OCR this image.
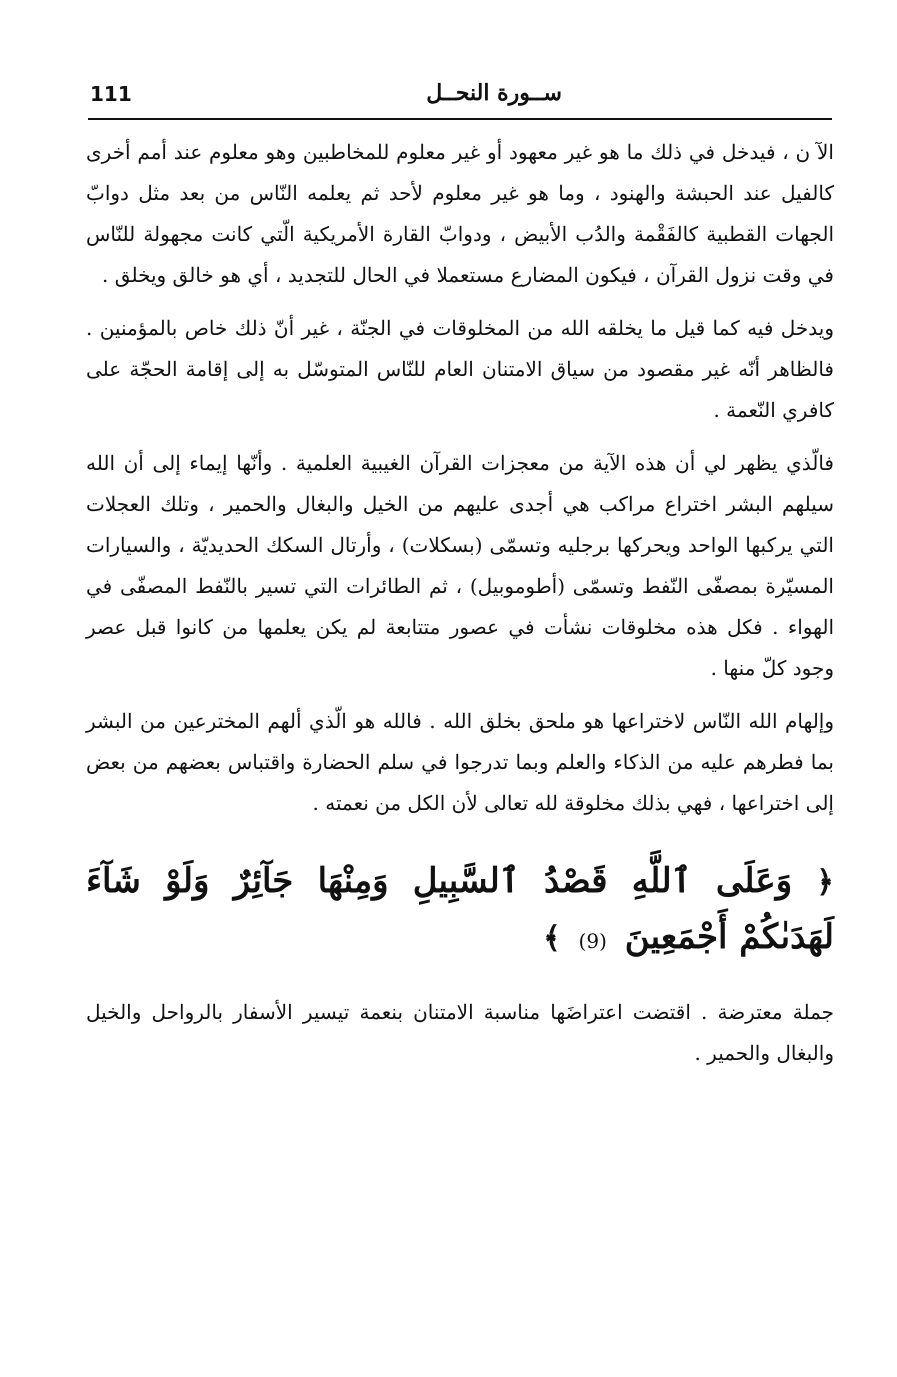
111	ســورة النحــل

الآ ن ، فيدخل في ذلك ما هو غير معهود أو غير معلوم للمخاطبين وهو معلوم عند أمم أخرى كالفيل عند الحبشة والهنود ، وما هو غير معلوم لأحد ثم يعلمه النّاس من بعد مثل دوابّ الجهات القطبية كالفَقْمة والدُب الأبيض ، ودوابّ القارة الأمريكية الّتي كانت مجهولة للنّاس في وقت نزول القرآن ، فيكون المضارع مستعملا في الحال للتجديد ، أي هو خالق ويخلق .

ويدخل فيه كما قيل ما يخلقه الله من المخلوقات في الجنّة ، غير أنّ ذلك خاص بالمؤمنين . فالظاهر أنّه غير مقصود من سياق الامتنان العام للنّاس المتوسّل به إلى إقامة الحجّة على كافري النّعمة .

فالّذي يظهر لي أن هذه الآية من معجزات القرآن الغيبية العلمية . وأنّها إيماء إلى أن الله سيلهم البشر اختراع مراكب هي أجدى عليهم من الخيل والبغال والحمير ، وتلك العجلات التي يركبها الواحد ويحركها برجليه وتسمّى (بسكلات) ، وأرتال السكك الحديديّة ، والسيارات المسيّرة بمصفّى النّفط وتسمّى (أطوموبيل) ، ثم الطائرات التي تسير بالنّفط المصفّى في الهواء . فكل هذه مخلوقات نشأت في عصور متتابعة لم يكن يعلمها من كانوا قبل عصر وجود كلّ منها .

وإلهام الله النّاس لاختراعها هو ملحق بخلق الله . فالله هو الّذي ألهم المخترعين من البشر بما فطرهم عليه من الذكاء والعلم وبما تدرجوا في سلم الحضارة واقتباس بعضهم من بعض إلى اختراعها ، فهي بذلك مخلوقة لله تعالى لأن الكل من نعمته .

﴿ وَعَلَى ٱللَّهِ قَصْدُ ٱلسَّبِيلِ وَمِنْهَا جَآئِرٌ وَلَوْ شَآءَ لَهَدَىٰكُمْ أَجْمَعِينَ (9) ﴾

جملة معترضة . اقتضت اعتراضَها مناسبة الامتنان بنعمة تيسير الأسفار بالرواحل والخيل والبغال والحمير .
